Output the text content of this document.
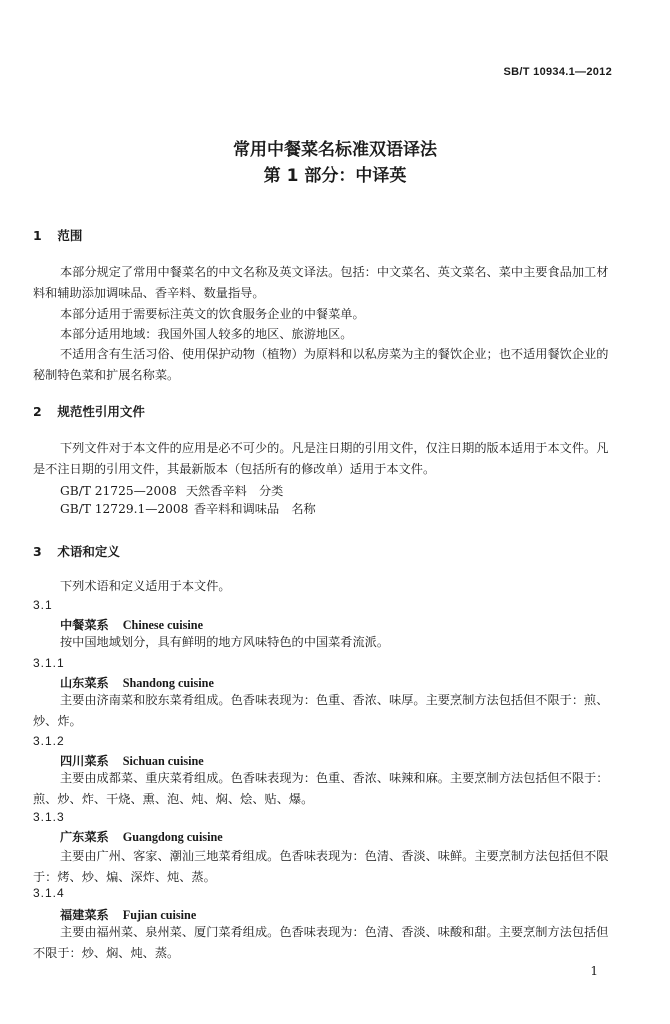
SB/T 10934.1—2012
常用中餐菜名标准双语译法
第 1 部分：中译英
1 范围
本部分规定了常用中餐菜名的中文名称及英文译法。包括：中文菜名、英文菜名、菜中主要食品加工材料和辅助添加调味品、香辛料、数量指导。
本部分适用于需要标注英文的饮食服务企业的中餐菜单。
本部分适用地域：我国外国人较多的地区、旅游地区。
不适用含有生活习俗、使用保护动物（植物）为原料和以私房菜为主的餐饮企业；也不适用餐饮企业的秘制特色菜和扩展名称菜。
2 规范性引用文件
下列文件对于本文件的应用是必不可少的。凡是注日期的引用文件，仅注日期的版本适用于本文件。凡是不注日期的引用文件，其最新版本（包括所有的修改单）适用于本文件。
GB/T 21725—2008 天然香辛料　分类
GB/T 12729.1—2008 香辛料和调味品　名称
3 术语和定义
下列术语和定义适用于本文件。
3.1
中餐菜系 Chinese cuisine
按中国地域划分，具有鲜明的地方风味特色的中国菜肴流派。
3.1.1
山东菜系 Shandong cuisine
主要由济南菜和胶东菜肴组成。色香味表现为：色重、香浓、味厚。主要烹制方法包括但不限于：煎、炒、炸。
3.1.2
四川菜系 Sichuan cuisine
主要由成都菜、重庆菜肴组成。色香味表现为：色重、香浓、味辣和麻。主要烹制方法包括但不限于：煎、炒、炸、干烧、熏、泡、炖、焖、烩、贴、爆。
3.1.3
广东菜系 Guangdong cuisine
主要由广州、客家、潮汕三地菜肴组成。色香味表现为：色清、香淡、味鲜。主要烹制方法包括但不限于：烤、炒、煸、深炸、炖、蒸。
3.1.4
福建菜系 Fujian cuisine
主要由福州菜、泉州菜、厦门菜肴组成。色香味表现为：色清、香淡、味酸和甜。主要烹制方法包括但不限于：炒、焖、炖、蒸。
1
